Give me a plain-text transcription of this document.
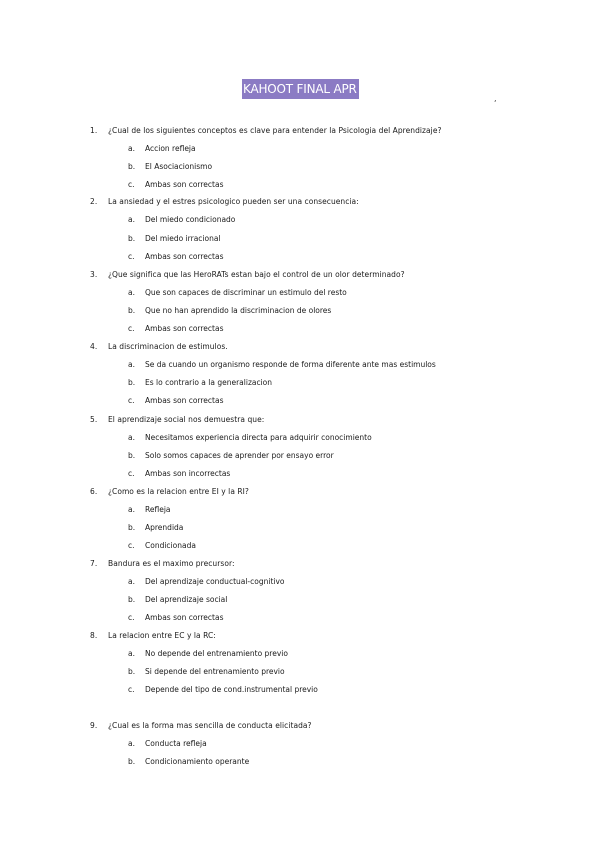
KAHOOT FINAL APR
,
1. ¿Cual de los siguientes conceptos es clave para entender la Psicologia del Aprendizaje?
a. Accion refleja
b. El Asociacionismo
c. Ambas son correctas
2. La ansiedad y el estres psicologico pueden ser una consecuencia:
a. Del miedo condicionado
b. Del miedo irracional
c. Ambas son correctas
3. ¿Que significa que las HeroRATs estan bajo el control de un olor determinado?
a. Que son capaces de discriminar un estimulo del resto
b. Que no han aprendido la discriminacion de olores
c. Ambas son correctas
4. La discriminacion de estimulos.
a. Se da cuando un organismo responde de forma diferente ante mas estimulos
b. Es lo contrario a la generalizacion
c. Ambas son correctas
5. El aprendizaje social nos demuestra que:
a. Necesitamos experiencia directa para adquirir conocimiento
b. Solo somos capaces de aprender por ensayo error
c. Ambas son incorrectas
6. ¿Como es la relacion entre EI y la RI?
a. Refleja
b. Aprendida
c. Condicionada
7. Bandura es el maximo precursor:
a. Del aprendizaje conductual-cognitivo
b. Del aprendizaje social
c. Ambas son correctas
8. La relacion entre EC y la RC:
a. No depende del entrenamiento previo
b. Si depende del entrenamiento previo
c. Depende del tipo de cond.instrumental previo
9. ¿Cual es la forma mas sencilla de conducta elicitada?
a. Conducta refleja
b. Condicionamiento operante
